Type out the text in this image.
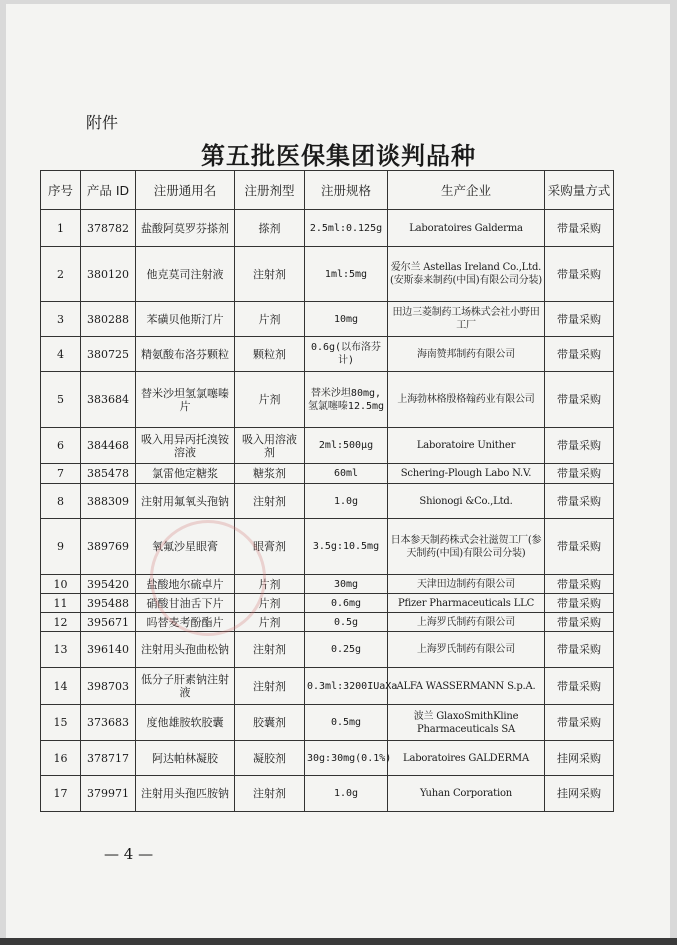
附件
第五批医保集团谈判品种
序号	产品 ID	注册通用名	注册剂型	注册规格	生产企业	采购量方式
1	378782	盐酸阿莫罗芬搽剂	搽剂	2.5ml:0.125g	Laboratoires Galderma	带量采购
2	380120	他克莫司注射液	注射剂	1ml:5mg	爱尔兰 Astellas Ireland Co.,Ltd.(安斯泰来制药(中国)有限公司分装)	带量采购
3	380288	苯磺贝他斯汀片	片剂	10mg	田边三菱制药工场株式会社小野田工厂	带量采购
4	380725	精氨酸布洛芬颗粒	颗粒剂	0.6g(以布洛芬计)	海南赞邦制药有限公司	带量采购
5	383684	替米沙坦氢氯噻嗪片	片剂	替米沙坦80mg,氢氯噻嗪12.5mg	上海勃林格殷格翰药业有限公司	带量采购
6	384468	吸入用异丙托溴铵溶液	吸入用溶液剂	2ml:500μg	Laboratoire Unither	带量采购
7	385478	氯雷他定糖浆	糖浆剂	60ml	Schering-Plough Labo N.V.	带量采购
8	388309	注射用氟氧头孢钠	注射剂	1.0g	Shionogi &Co.,Ltd.	带量采购
9	389769	氧氟沙星眼膏	眼膏剂	3.5g:10.5mg	日本参天制药株式会社滋贺工厂(参天制药(中国)有限公司分装)	带量采购
10	395420	盐酸地尔硫卓片	片剂	30mg	天津田边制药有限公司	带量采购
11	395488	硝酸甘油舌下片	片剂	0.6mg	Pfizer Pharmaceuticals LLC	带量采购
12	395671	吗替麦考酚酯片	片剂	0.5g	上海罗氏制药有限公司	带量采购
13	396140	注射用头孢曲松钠	注射剂	0.25g	上海罗氏制药有限公司	带量采购
14	398703	低分子肝素钠注射液	注射剂	0.3ml:3200IUaXa	ALFA WASSERMANN S.p.A.	带量采购
15	373683	度他雄胺软胶囊	胶囊剂	0.5mg	波兰 GlaxoSmithKline Pharmaceuticals SA	带量采购
16	378717	阿达帕林凝胶	凝胶剂	30g:30mg(0.1%)	Laboratoires GALDERMA	挂网采购
17	379971	注射用头孢匹胺钠	注射剂	1.0g	Yuhan Corporation	挂网采购
— 4 —
